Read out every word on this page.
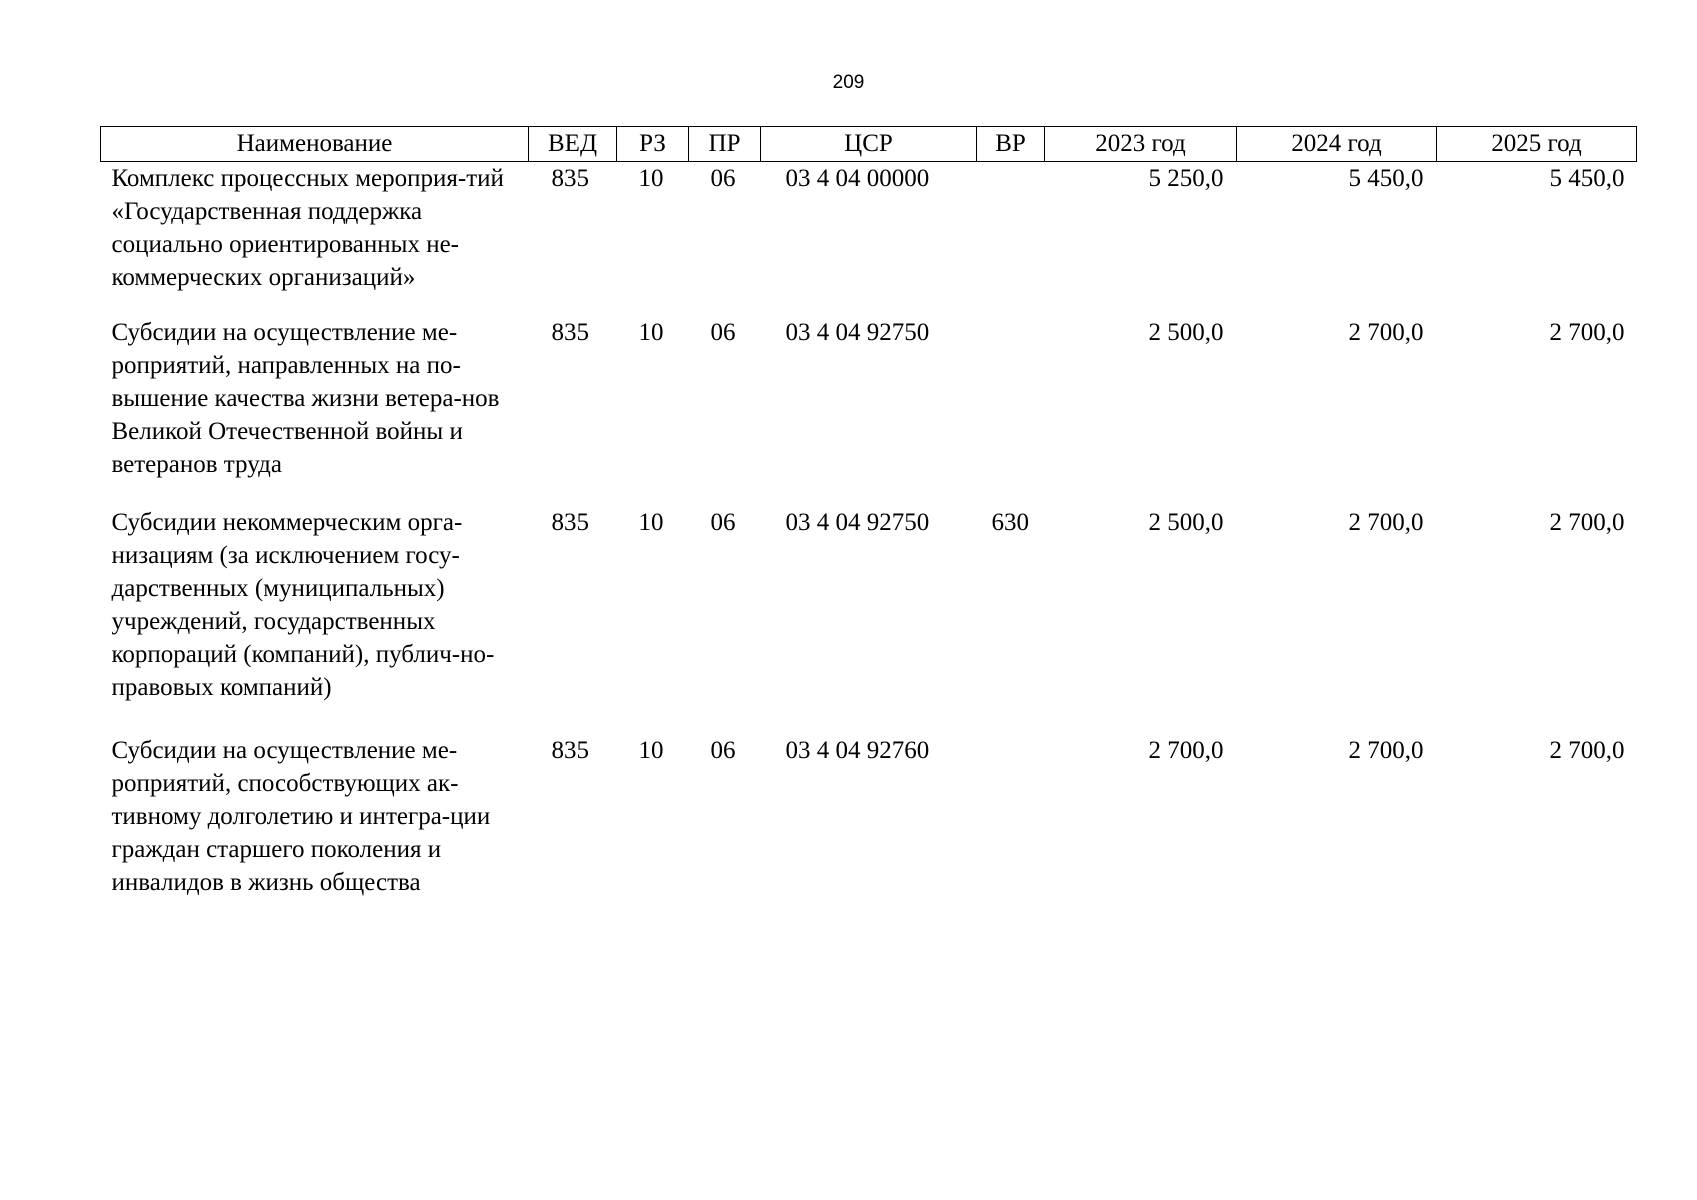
209
Наименование	ВЕД	РЗ	ПР	ЦСР	ВР	2023 год	2024 год	2025 год
Комплекс процессных мероприя-тий «Государственная поддержка социально ориентированных не-коммерческих организаций»	835	10	06	03 4 04 00000		5 250,0	5 450,0	5 450,0
Субсидии на осуществление ме-роприятий, направленных на по-вышение качества жизни ветера-нов Великой Отечественной войны и ветеранов труда	835	10	06	03 4 04 92750		2 500,0	2 700,0	2 700,0
Субсидии некоммерческим орга-низациям (за исключением госу-дарственных (муниципальных) учреждений, государственных корпораций (компаний), публич-но-правовых компаний)	835	10	06	03 4 04 92750	630	2 500,0	2 700,0	2 700,0
Субсидии на осуществление ме-роприятий, способствующих ак-тивному долголетию и интегра-ции граждан старшего поколения и инвалидов в жизнь общества	835	10	06	03 4 04 92760		2 700,0	2 700,0	2 700,0
